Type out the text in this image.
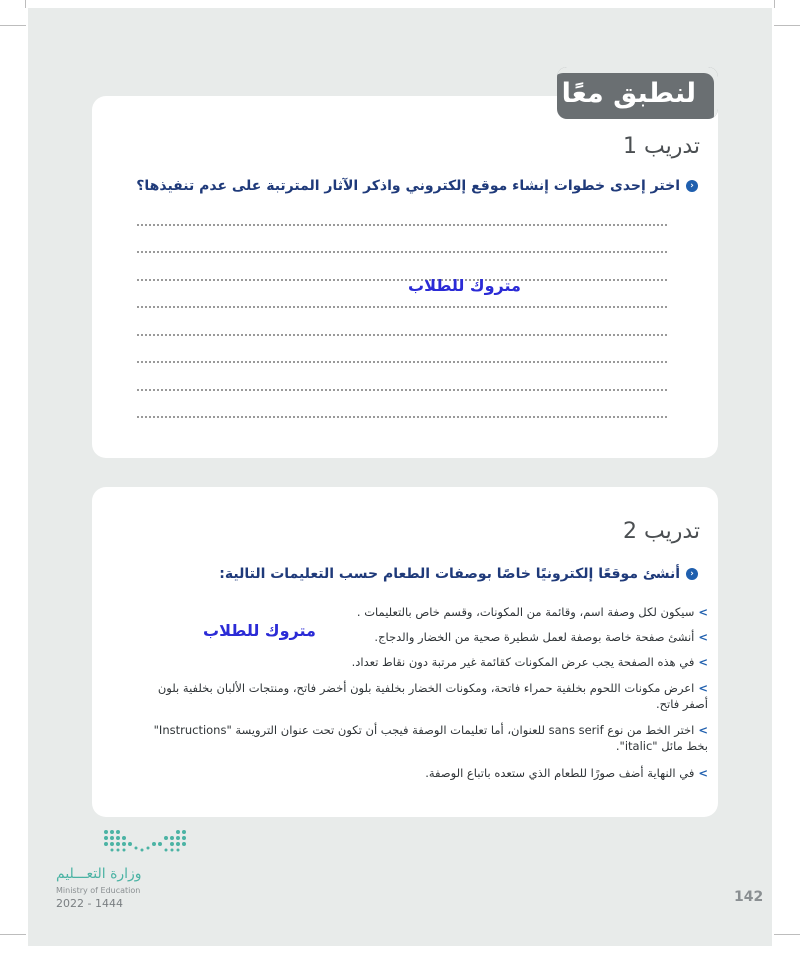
لنطبق معًا
تدريب 1
‹اختر إحدى خطوات إنشاء موقع إلكتروني واذكر الآثار المترتبة على عدم تنفيذها؟
متروك للطلاب
تدريب 2
‹أنشئ موقعًا إلكترونيًا خاصًا بوصفات الطعام حسب التعليمات التالية:
متروك للطلاب
>سيكون لكل وصفة اسم، وقائمة من المكونات، وقسم خاص بالتعليمات .
>أنشئ صفحة خاصة بوصفة لعمل شطيرة صحية من الخضار والدجاج.
>في هذه الصفحة يجب عرض المكونات كقائمة غير مرتبة دون نقاط تعداد.
>اعرض مكونات اللحوم بخلفية حمراء فاتحة، ومكونات الخضار بخلفية بلون أخضر فاتح، ومنتجات الألبان بخلفية بلون أصفر فاتح.
>اختر الخط من نوع sans serif للعنوان، أما تعليمات الوصفة فيجب أن تكون تحت عنوان الترويسة "Instructions" بخط مائل "italic".
>في النهاية أضف صورًا للطعام الذي ستعده باتباع الوصفة.
وزارة التعـــليم
Ministry of Education
2022 - 1444	142
